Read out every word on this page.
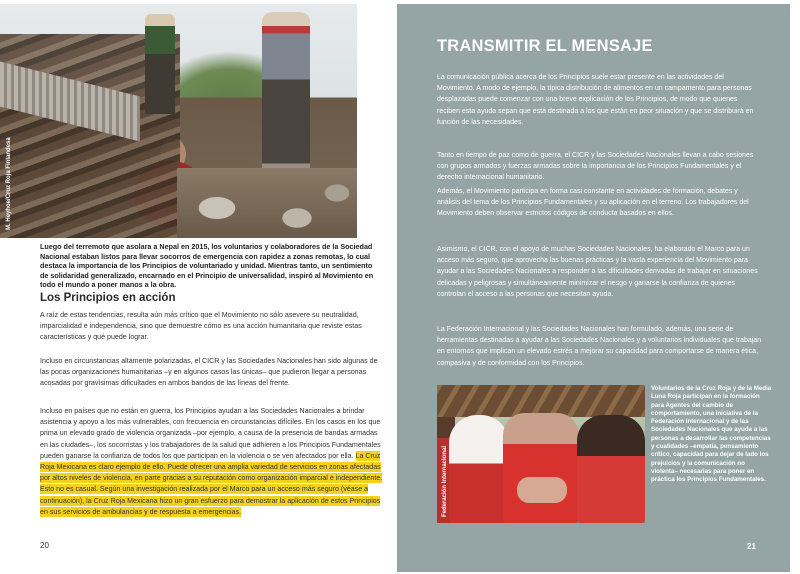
M. Heyhoe/Cruz Roja Finlandesa
Luego del terremoto que asolara a Nepal en 2015, los voluntarios y colaboradores de la Sociedad Nacional estaban listos para llevar socorros de emergencia con rapidez a zonas remotas, lo cual destaca la importancia de los Principios de voluntariado y unidad. Mientras tanto, un sentimiento de solidaridad generalizado, encarnado en el Principio de universalidad, inspiró al Movimiento en todo el mundo a poner manos a la obra.
Los Principios en acción
A raíz de estas tendencias, resulta aún más crítico que el Movimiento no sólo asevere su neutralidad, imparcialidad e independencia, sino que demuestre cómo es una acción humanitaria que reviste estas características y qué puede lograr.
Incluso en circunstancias altamente polarizadas, el CICR y las Sociedades Nacionales han sido algunas de las pocas organizaciones humanitarias –y en algunos casos las únicas– que pudieron llegar a personas acosadas por gravísimas dificultades en ambos bandos de las líneas del frente.
Incluso en países que no están en guerra, los Principios ayudan a las Sociedades Nacionales a brindar asistencia y apoyo a los más vulnerables, con frecuencia en circunstancias difíciles. En los casos en los que prima un elevado grado de violencia organizada –por ejemplo, a causa de la presencia de bandas armadas en las ciudades–, los socorristas y los trabajadores de la salud que adhieren a los Principios Fundamentales pueden ganarse la confianza de todos los que participan en la violencia o se ven afectados por ella. La Cruz Roja Mexicana es claro ejemplo de ello. Puede ofrecer una amplia variedad de servicios en zonas afectadas por altos niveles de violencia, en parte gracias a su reputación como organización imparcial e independiente. Esto no es casual. Según una investigación realizada por el Marco para un acceso más seguro (véase a continuación), la Cruz Roja Mexicana hizo un gran esfuerzo para demostrar la aplicación de estos Principios en sus servicios de ambulancias y de respuesta a emergencias.
20
TRANSMITIR EL MENSAJE
La comunicación pública acerca de los Principios suele estar presente en las actividades del Movimiento. A modo de ejemplo, la típica distribución de alimentos en un campamento para personas desplazadas puede comenzar con una breve explicación de los Principios, de modo que quienes reciben esta ayuda sepan que está destinada a los que están en peor situación y que se distribuirá en función de las necesidades.
Tanto en tiempo de paz como de guerra, el CICR y las Sociedades Nacionales llevan a cabo sesiones con grupos armados y fuerzas armadas sobre la importancia de los Principios Fundamentales y el derecho internacional humanitario.
Además, el Movimiento participa en forma casi constante en actividades de formación, debates y análisis del tema de los Principios Fundamentales y su aplicación en el terreno. Los trabajadores del Movimiento deben observar estrictos códigos de conducta basados en ellos.
Asimismo, el CICR, con el apoyo de muchas Sociedades Nacionales, ha elaborado el Marco para un acceso más seguro, que aprovecha las buenas prácticas y la vasta experiencia del Movimiento para ayudar a las Sociedades Nacionales a responder a las dificultades derivadas de trabajar en situaciones delicadas y peligrosas y simultáneamente minimizar el riesgo y ganarse la confianza de quienes controlan el acceso a las personas que necesitan ayuda.
La Federación Internacional y las Sociedades Nacionales han formulado, además, una serie de herramientas destinadas a ayudar a las Sociedades Nacionales y a voluntarios individuales que trabajan en entornos que implican un elevado estrés a mejorar su capacidad para comportarse de manera ética, compasiva y de conformidad con los Principios.
Federación Internacional
Voluntarios de la Cruz Roja y de la Media Luna Roja participan en la formación para Agentes del cambio de comportamiento, una iniciativa de la Federación Internacional y de las Sociedades Nacionales que ayuda a las personas a desarrollar las competencias y cualidades –empatía, pensamiento crítico, capacidad para dejar de lado los prejuicios y la comunicación no violenta– necesarias para poner en práctica los Principios Fundamentales.
21
